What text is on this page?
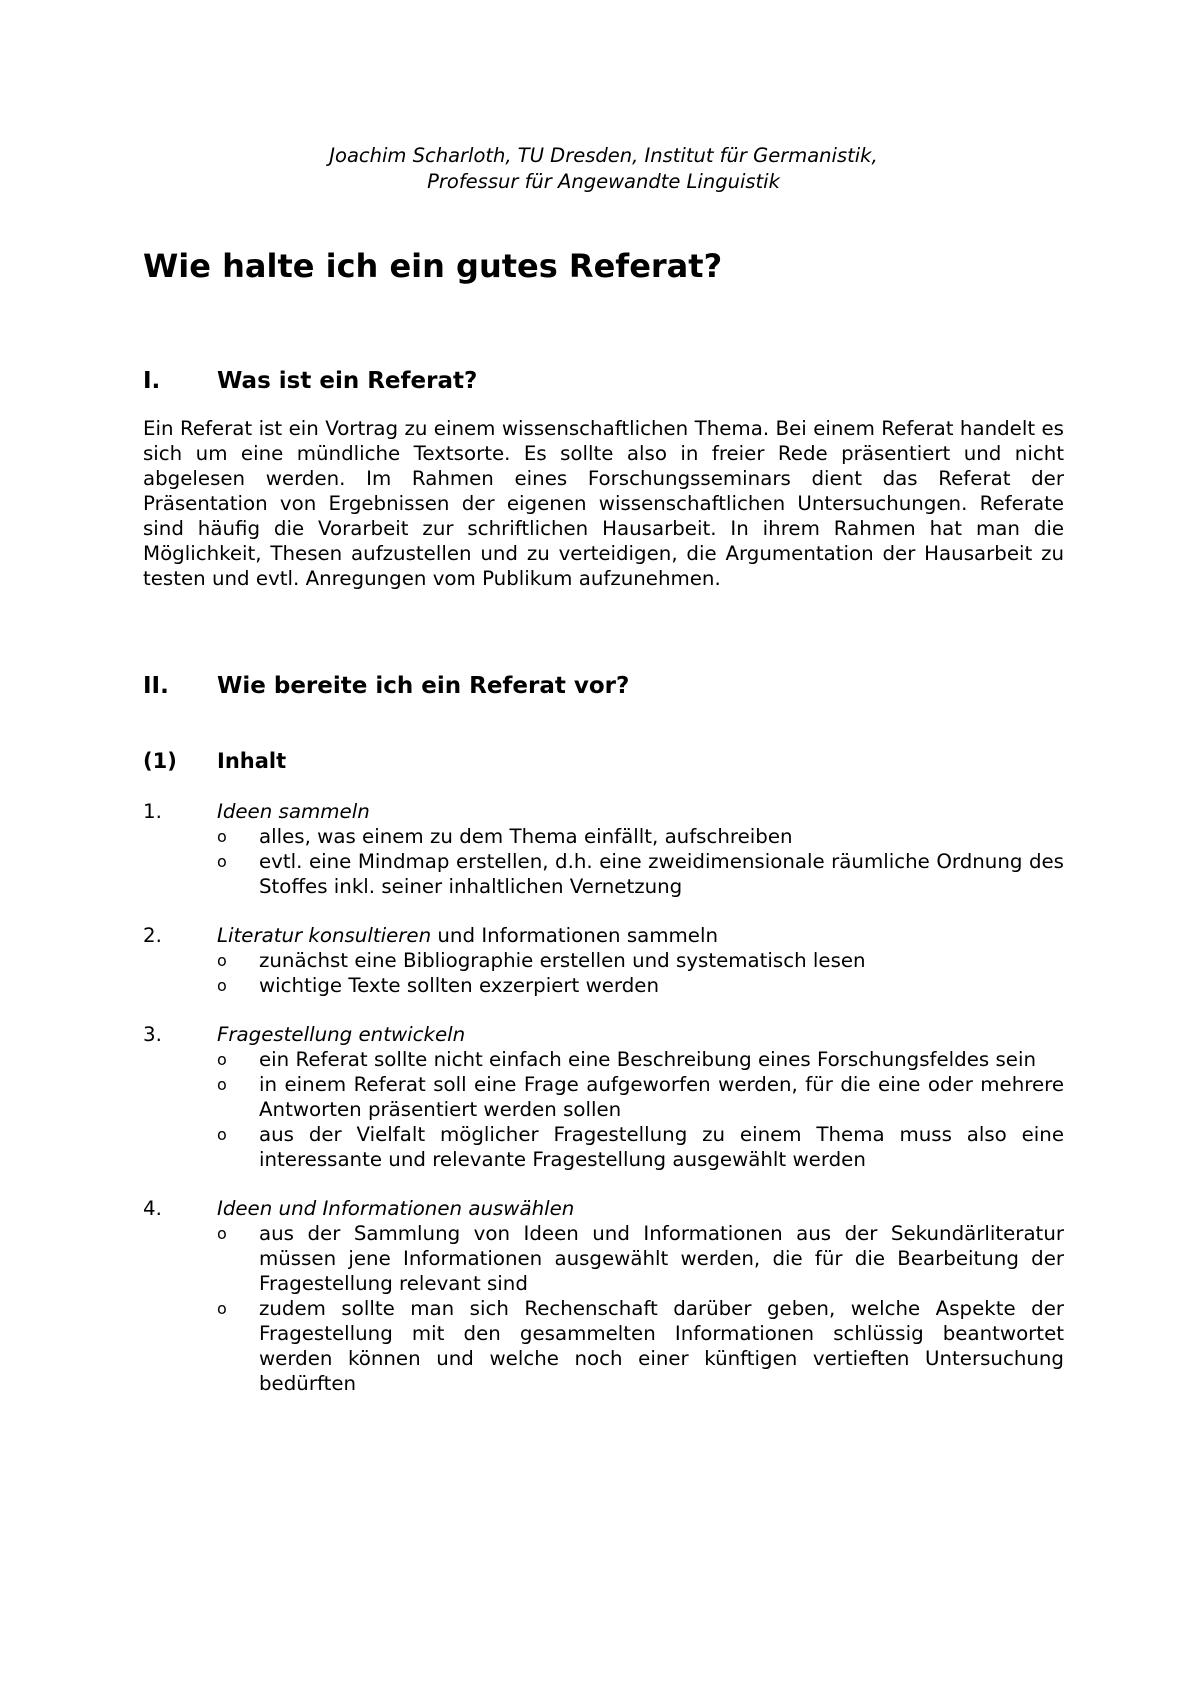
Joachim Scharloth, TU Dresden, Institut für Germanistik,

Professur für Angewandte Linguistik

Wie halte ich ein gutes Referat?
I.	Was ist ein Referat?

Ein Referat ist ein Vortrag zu einem wissenschaftlichen Thema. Bei einem Referat handelt es sich um eine mündliche Textsorte. Es sollte also in freier Rede präsentiert und nicht abgelesen werden. Im Rahmen eines Forschungsseminars dient das Referat der Präsentation von Ergebnissen der eigenen wissenschaftlichen Untersuchungen. Referate sind häufig die Vorarbeit zur schriftlichen Hausarbeit. In ihrem Rahmen hat man die Möglichkeit, Thesen aufzustellen und zu verteidigen, die Argumentation der Hausarbeit zu testen und evtl. Anregungen vom Publikum aufzunehmen.

II.	Wie bereite ich ein Referat vor?
(1)	Inhalt
1.	Ideen sammeln
o	alles, was einem zu dem Thema einfällt, aufschreiben
o	evtl. eine Mindmap erstellen, d.h. eine zweidimensionale räumliche Ordnung des Stoffes inkl. seiner inhaltlichen Vernetzung
2.	Literatur konsultieren und Informationen sammeln
o	zunächst eine Bibliographie erstellen und systematisch lesen
o	wichtige Texte sollten exzerpiert werden
3.	Fragestellung entwickeln
o	ein Referat sollte nicht einfach eine Beschreibung eines Forschungsfeldes sein
o	in einem Referat soll eine Frage aufgeworfen werden, für die eine oder mehrere Antworten präsentiert werden sollen
o	aus der Vielfalt möglicher Fragestellung zu einem Thema muss also eine interessante und relevante Fragestellung ausgewählt werden
4.	Ideen und Informationen auswählen
o	aus der Sammlung von Ideen und Informationen aus der Sekundärliteratur müssen jene Informationen ausgewählt werden, die für die Bearbeitung der Fragestellung relevant sind
o	zudem sollte man sich Rechenschaft darüber geben, welche Aspekte der Fragestellung mit den gesammelten Informationen schlüssig beantwortet werden können und welche noch einer künftigen vertieften Untersuchung bedürften
